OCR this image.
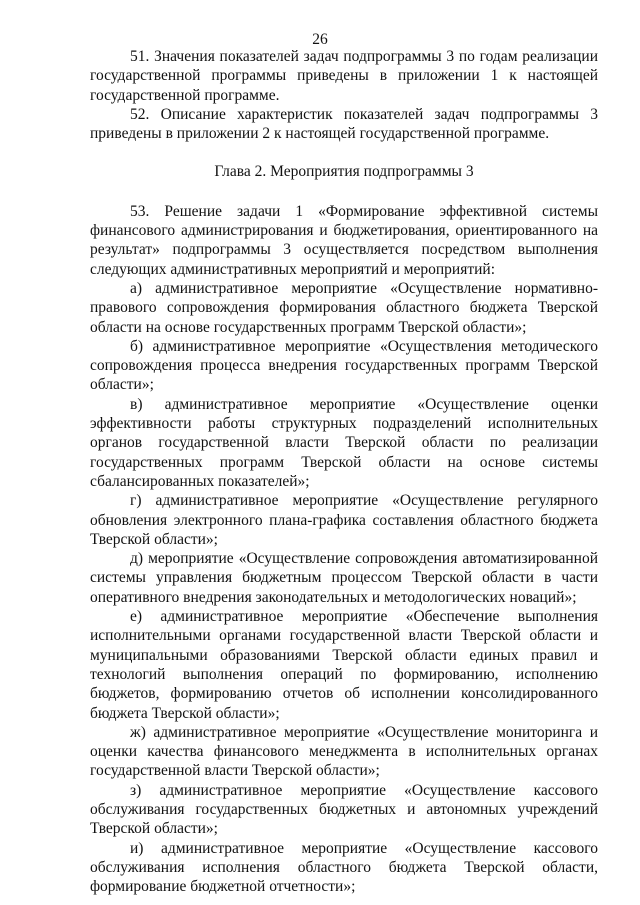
26

51. Значения показателей задач подпрограммы 3 по годам реализации государственной программы приведены в приложении 1 к настоящей государственной программе.

52. Описание характеристик показателей задач подпрограммы 3 приведены в приложении 2 к настоящей государственной программе.

Глава 2. Мероприятия подпрограммы 3

53. Решение задачи 1 «Формирование эффективной системы финансового администрирования и бюджетирования, ориентированного на результат» подпрограммы 3 осуществляется посредством выполнения следующих административных мероприятий и мероприятий:

а) административное мероприятие «Осуществление нормативно-правового сопровождения формирования областного бюджета Тверской области на основе государственных программ Тверской области»;

б) административное мероприятие «Осуществления методического сопровождения процесса внедрения государственных программ Тверской области»;

в) административное мероприятие «Осуществление оценки эффективности работы структурных подразделений исполнительных органов государственной власти Тверской области по реализации государственных программ Тверской области на основе системы сбалансированных показателей»;

г) административное мероприятие «Осуществление регулярного обновления электронного плана-графика составления областного бюджета Тверской области»;

д) мероприятие «Осуществление сопровождения автоматизированной системы управления бюджетным процессом Тверской области в части оперативного внедрения законодательных и методологических новаций»;

е) административное мероприятие «Обеспечение выполнения исполнительными органами государственной власти Тверской области и муниципальными образованиями Тверской области единых правил и технологий выполнения операций по формированию, исполнению бюджетов, формированию отчетов об исполнении консолидированного бюджета Тверской области»;

ж) административное мероприятие «Осуществление мониторинга и оценки качества финансового менеджмента в исполнительных органах государственной власти Тверской области»;

з) административное мероприятие «Осуществление кассового обслуживания государственных бюджетных и автономных учреждений Тверской области»;

и) административное мероприятие «Осуществление кассового обслуживания исполнения областного бюджета Тверской области, формирование бюджетной отчетности»;
